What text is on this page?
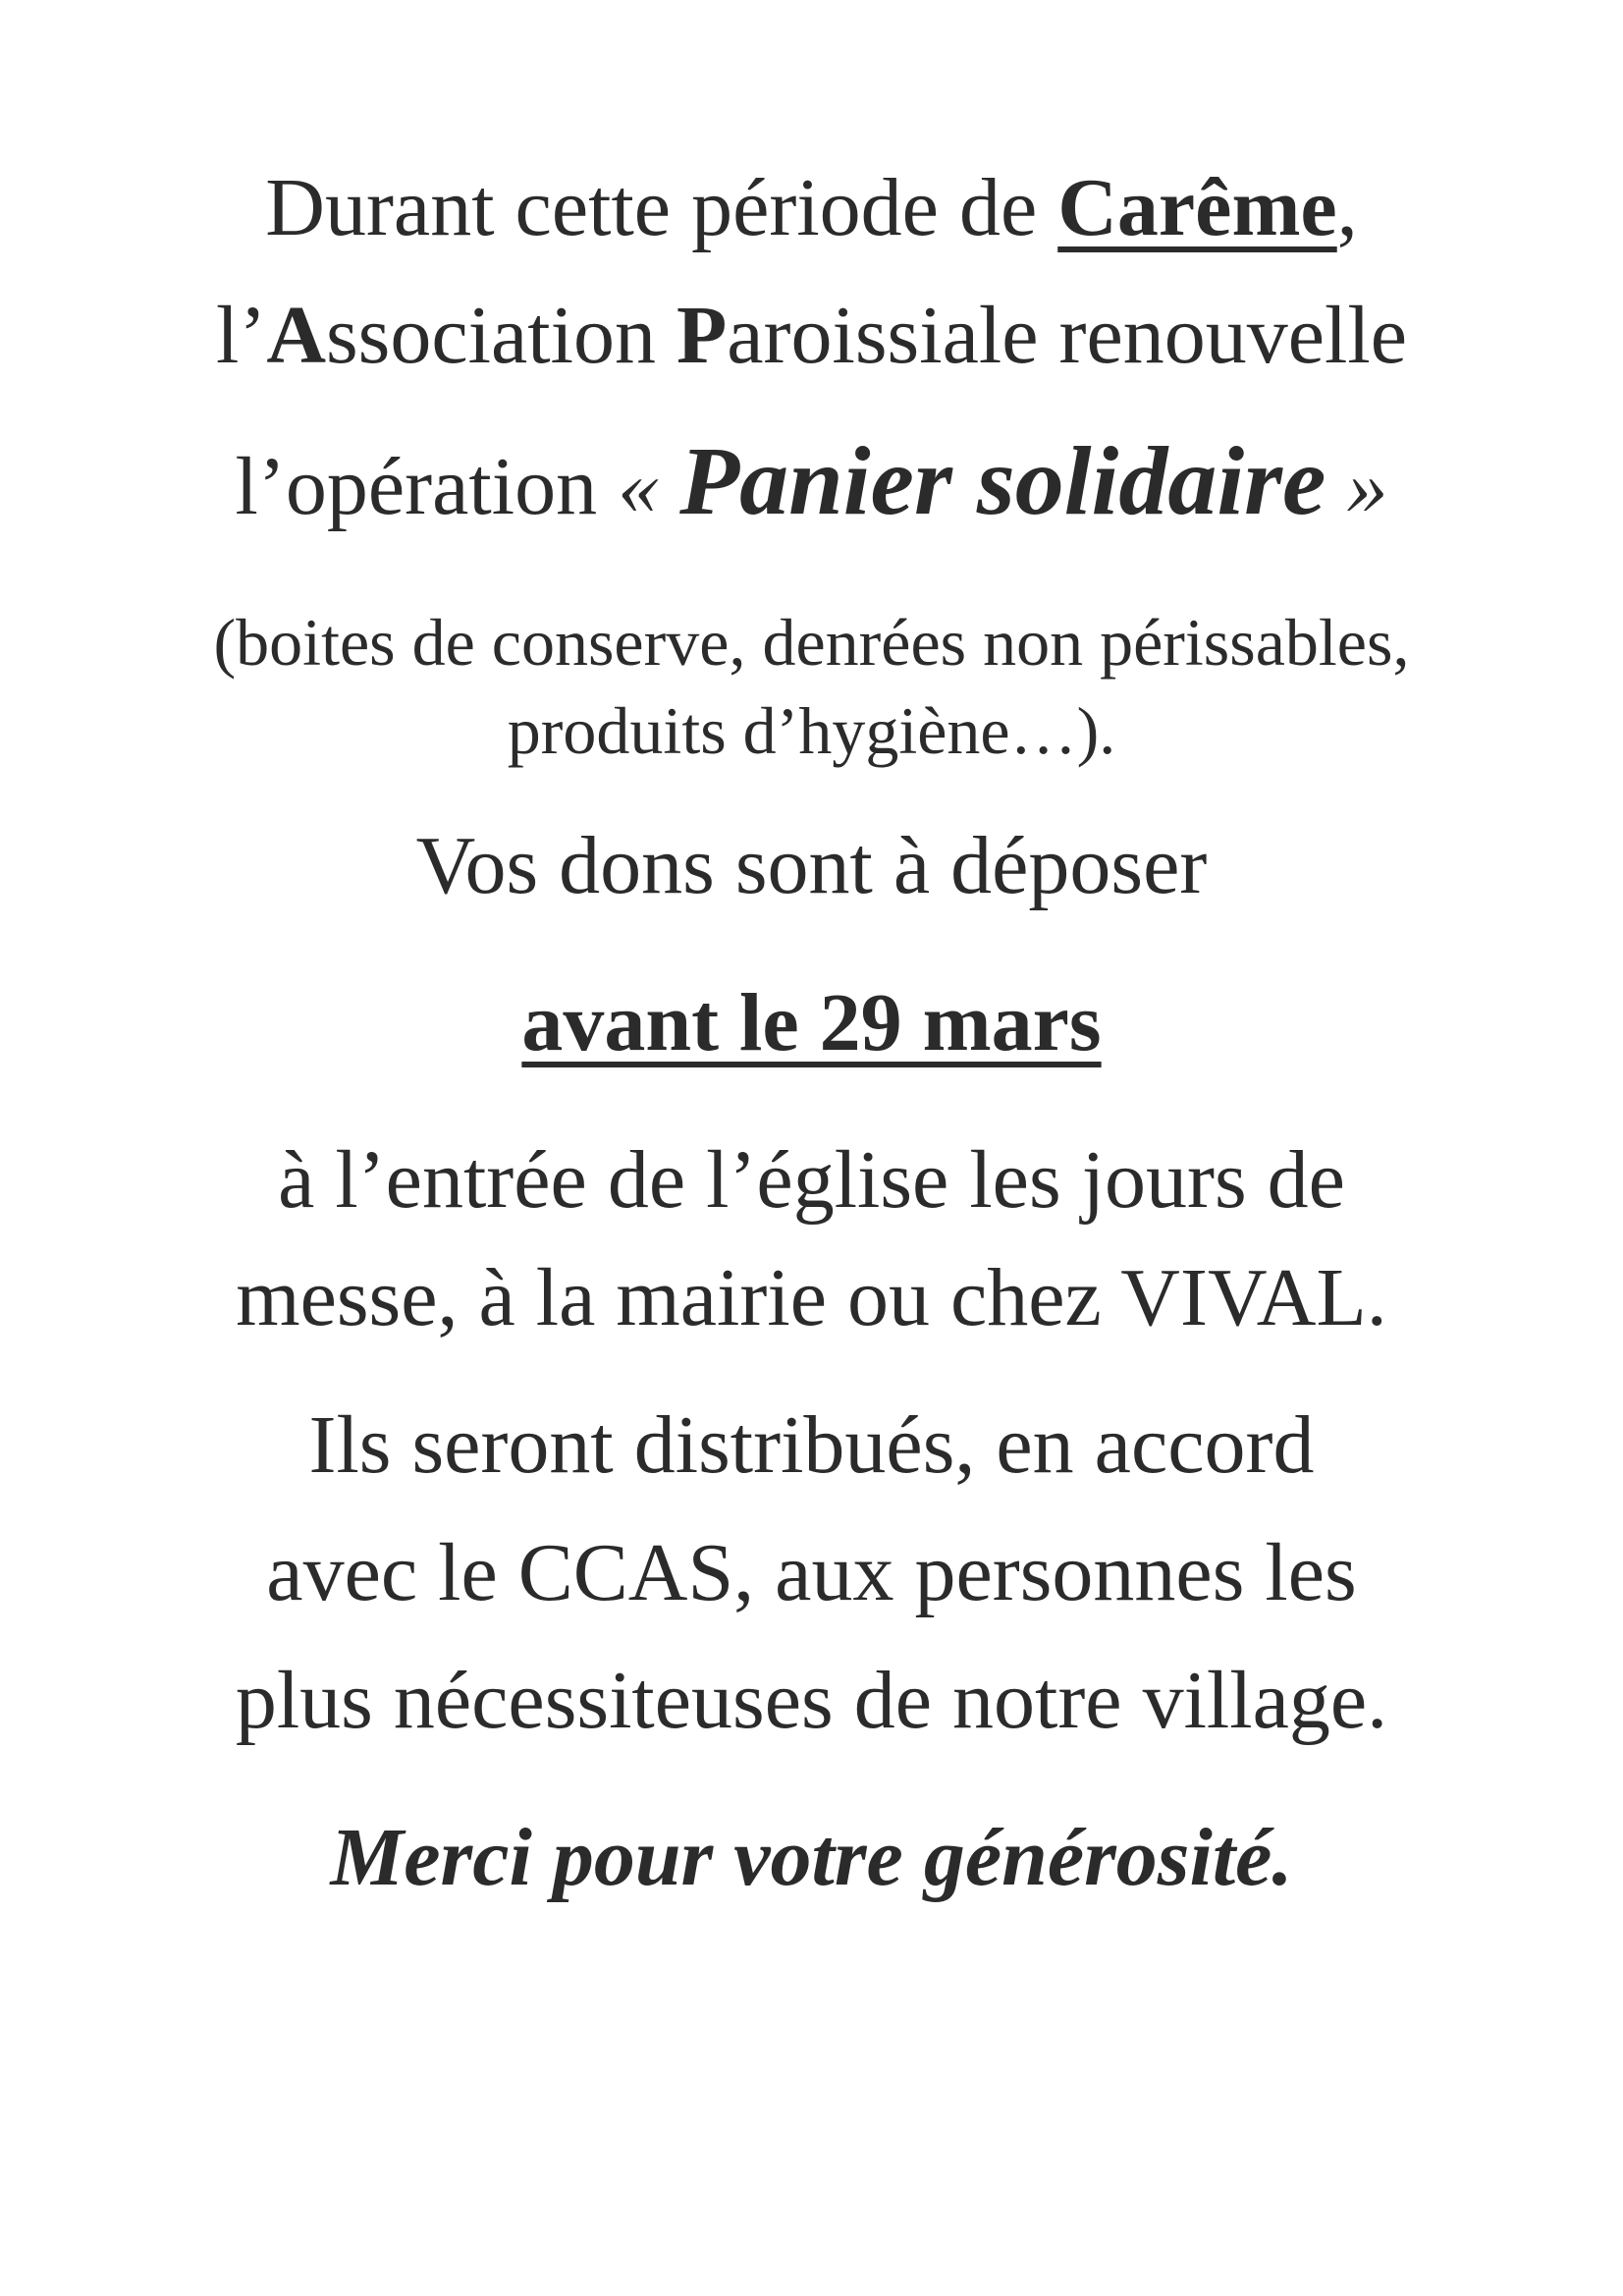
Durant cette période de Carême,
l’Association Paroissiale renouvelle
l’opération « Panier solidaire »
(boites de conserve, denrées non périssables,
produits d’hygiène…).
Vos dons sont à déposer
avant le 29 mars
à l’entrée de l’église les jours de
messe, à la mairie ou chez VIVAL.
Ils seront distribués, en accord
avec le CCAS, aux personnes les
plus nécessiteuses de notre village.
Merci pour votre générosité.
